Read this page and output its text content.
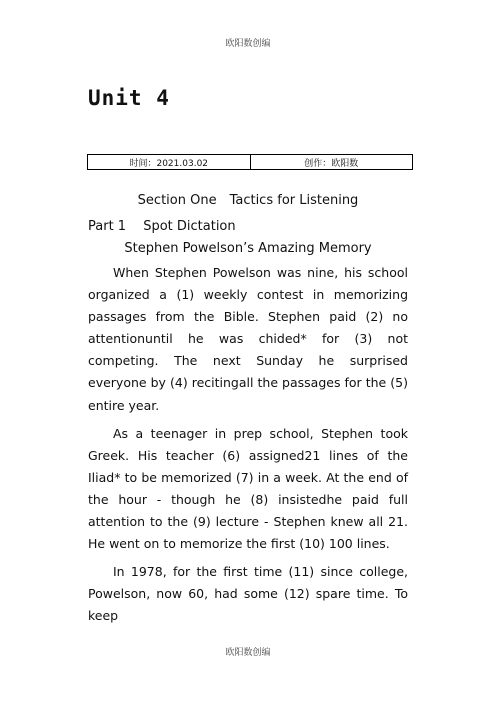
欧阳数创编
Unit 4
时间：2021.03.02	创作：欧阳数
Section One　Tactics for Listening
Part 1　 Spot Dictation
Stephen Powelson’s Amazing Memory

When Stephen Powelson was nine, his school organized a (1) weekly contest in memorizing passages from the Bible. Stephen paid (2) no attentionuntil he was chided* for (3) not competing. The next Sunday he surprised everyone by (4) recitingall the passages for the (5) entire year.

As a teenager in prep school, Stephen took Greek. His teacher (6) assigned21 lines of the Iliad* to be memorized (7) in a week. At the end of the hour - though he (8) insistedhe paid full attention to the (9) lecture - Stephen knew all 21. He went on to memorize the first (10) 100 lines.

In 1978, for the first time (11) since college, Powelson, now 60, had some (12) spare time. To keep

欧阳数创编
